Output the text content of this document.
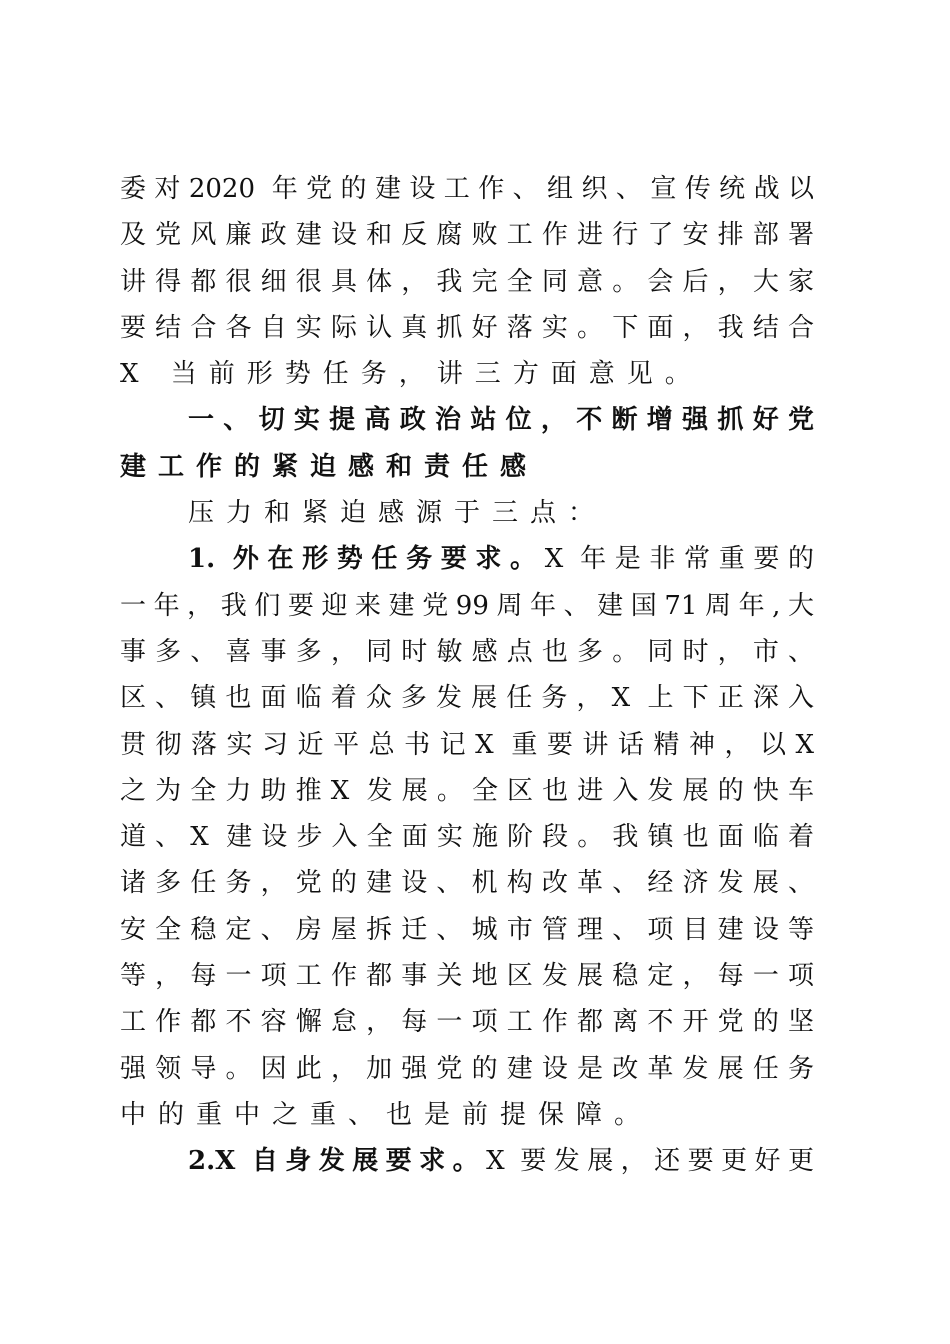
委对2020 年党的建设工作、组织、宣传统战以
及党风廉政建设和反腐败工作进行了安排部署
讲得都很细很具体，我完全同意。会后，大家
要结合各自实际认真抓好落实。下面，我结合
X 当前形势任务，讲三方面意见。
一、切实提高政治站位，不断增强抓好党
建工作的紧迫感和责任感
压力和紧迫感源于三点：
1. 外在形势任务要求。X 年是非常重要的
一年，我们要迎来建党99周年、建国71周年,大
事多、喜事多，同时敏感点也多。同时，市、
区、镇也面临着众多发展任务，X 上下正深入
贯彻落实习近平总书记X 重要讲话精神，以X
之为全力助推X 发展。全区也进入发展的快车
道、X 建设步入全面实施阶段。我镇也面临着
诸多任务，党的建设、机构改革、经济发展、
安全稳定、房屋拆迁、城市管理、项目建设等
等，每一项工作都事关地区发展稳定，每一项
工作都不容懈怠，每一项工作都离不开党的坚
强领导。因此，加强党的建设是改革发展任务
中的重中之重、也是前提保障。
2.X 自身发展要求。X 要发展，还要更好更
